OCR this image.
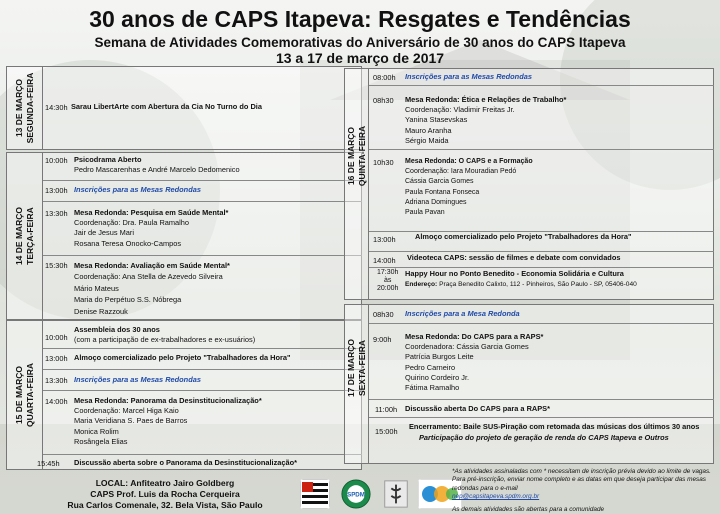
30 anos de CAPS Itapeva: Resgates e Tendências
Semana de Atividades Comemorativas do Aniversário de 30 anos do CAPS Itapeva
13 a 17 de março de 2017
13 DE MARÇO
SEGUNDA-FEIRA 14:30h Sarau LibertArte com Abertura da Cia No Turno do Dia
14 DE MARÇO
TERÇA-FEIRA
10:00h Psicodrama Aberto
Pedro Mascarenhas e André Marcelo Dedomenico
13:00h Inscrições para as Mesas Redondas
13:30h Mesa Redonda: Pesquisa em Saúde Mental*
Coordenação: Dra. Paula Ramalho
Jair de Jesus Mari
Rosana Teresa Onocko-Campos
15:30h Mesa Redonda: Avaliação em Saúde Mental*
Coordenação: Ana Stella de Azevedo Silveira
Mário Mateus
Maria do Perpétuo S.S. Nóbrega
Denise Razzouk
15 DE MARÇO
QUARTA-FEIRA
10:00h
Assembleia dos 30 anos
(com a participação de ex-trabalhadores e ex-usuários)
13:00h Almoço comercializado pelo Projeto "Trabalhadores da Hora"
13:30h Inscrições para as Mesas Redondas
14:00h Mesa Redonda: Panorama da Desinstitucionalização*
Coordenação: Marcel Higa Kaio
Maria Veridiana S. Paes de Barros
Monica Rolim
Rosângela Elias
15:45h Discussão aberta sobre o Panorama da Desinstitucionalização*
16 DE MARÇO
QUINTA-FEIRA
08:00h Inscrições para as Mesas Redondas
08h30 Mesa Redonda: Ética e Relações de Trabalho*
Coordenação: Vladimir Freitas Jr.
Yanina Stasevskas
Mauro Aranha
Sérgio Maida
10h30 Mesa Redonda: O CAPS e a Formação
Coordenação: Iara Mouradian Pedó
Cássia Garcia Gomes
Paula Fontana Fonseca
Adriana Domingues
Paula Pavan
13:00h	Almoço comercializado pelo Projeto "Trabalhadores da Hora"
14:00h Videoteca CAPS: sessão de filmes e debate com convidados
17:30h
às
20:00h
Happy Hour no Ponto Benedito - Economia Solidária e Cultura
Endereço: Praça Benedito Calixto, 112 - Pinheiros, São Paulo - SP, 05406-040
17 DE MARÇO
SEXTA-FEIRA
08h30 Inscrições para a Mesa Redonda
9:00h Mesa Redonda: Do CAPS para a RAPS*
Coordenadora: Cássia Garcia Gomes
Patrícia Burgos Leite
Pedro Carneiro
Quirino Cordeiro Jr.
Fátima Ramalho
11:00h Discussão aberta Do CAPS para a RAPS*
15:00h
Encerramento: Baile SUS-Piração com retomada das músicas dos últimos 30 anos
Participação do projeto de geração de renda do CAPS Itapeva e Outros
LOCAL: Anfiteatro Jairo Goldberg
CAPS Prof. Luis da Rocha Cerqueira
Rua Carlos Comenale, 32. Bela Vista, São Paulo
SPDM
*As atividades assinaladas com * necessitam de inscrição prévia devido ao limite de vagas. Para pré-inscrição, enviar nome completo e as datas em que deseja participar das mesas redondas para o e-mail
nep@capsitapeva.spdm.org.br
As demais atividades são abertas para a comunidade
